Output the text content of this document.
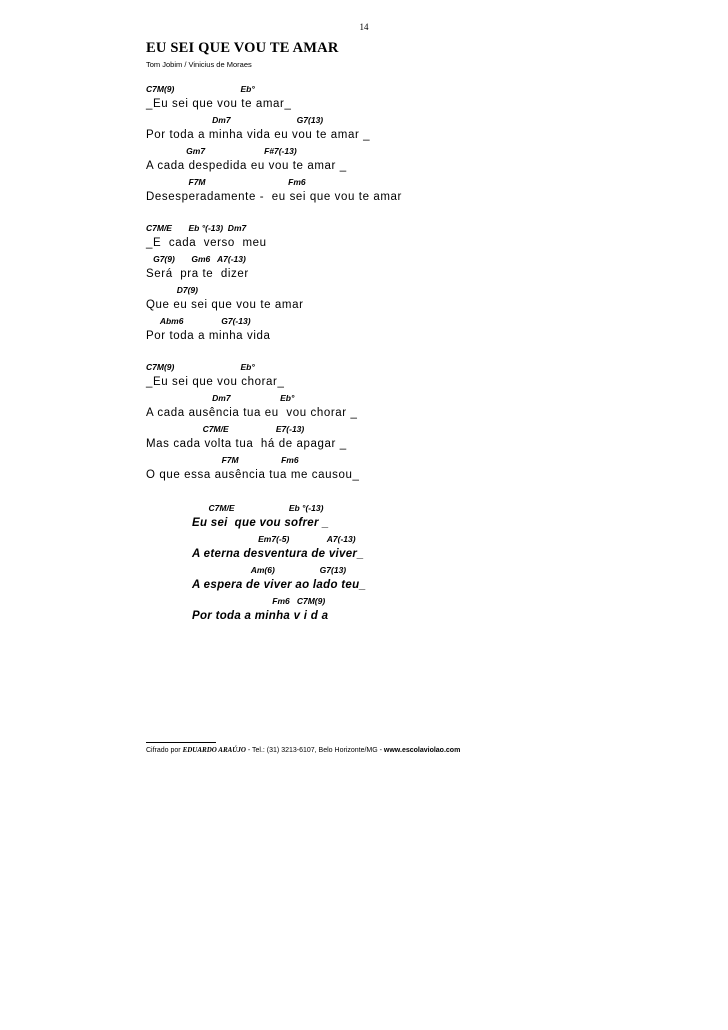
14
EU SEI QUE VOU TE AMAR
Tom Jobim / Vinicius de Moraes
C7M(9)                            Eb°
_Eu sei que vou te amar_
Dm7                            G7(13)
Por toda a minha vida eu vou te amar _
Gm7                         F#7(-13)
A cada despedida eu vou te amar _
F7M                                   Fm6
Desesperadamente -  eu sei que vou te amar
C7M/E       Eb °(-13)  Dm7
_E  cada  verso  meu
G7(9)       Gm6   A7(-13)
Será  pra te  dizer
D7(9)
Que eu sei que vou te amar
Abm6                G7(-13)
Por toda a minha vida
C7M(9)                            Eb°
_Eu sei que vou chorar_
Dm7                     Eb°
A cada ausência tua eu  vou chorar _
C7M/E                    E7(-13)
Mas cada volta tua  há de apagar _
F7M                  Fm6
O que essa ausência tua me causou_
C7M/E                       Eb °(-13)
Eu sei  que vou sofrer _
Em7(-5)                A7(-13)
A eterna desventura de viver_
Am(6)                   G7(13)
A espera de viver ao lado teu_
Fm6   C7M(9)
Por toda a minha v i d a
Cifrado por EDUARDO ARAÚJO - Tel.: (31) 3213-6107, Belo Horizonte/MG - www.escolaviolao.com
